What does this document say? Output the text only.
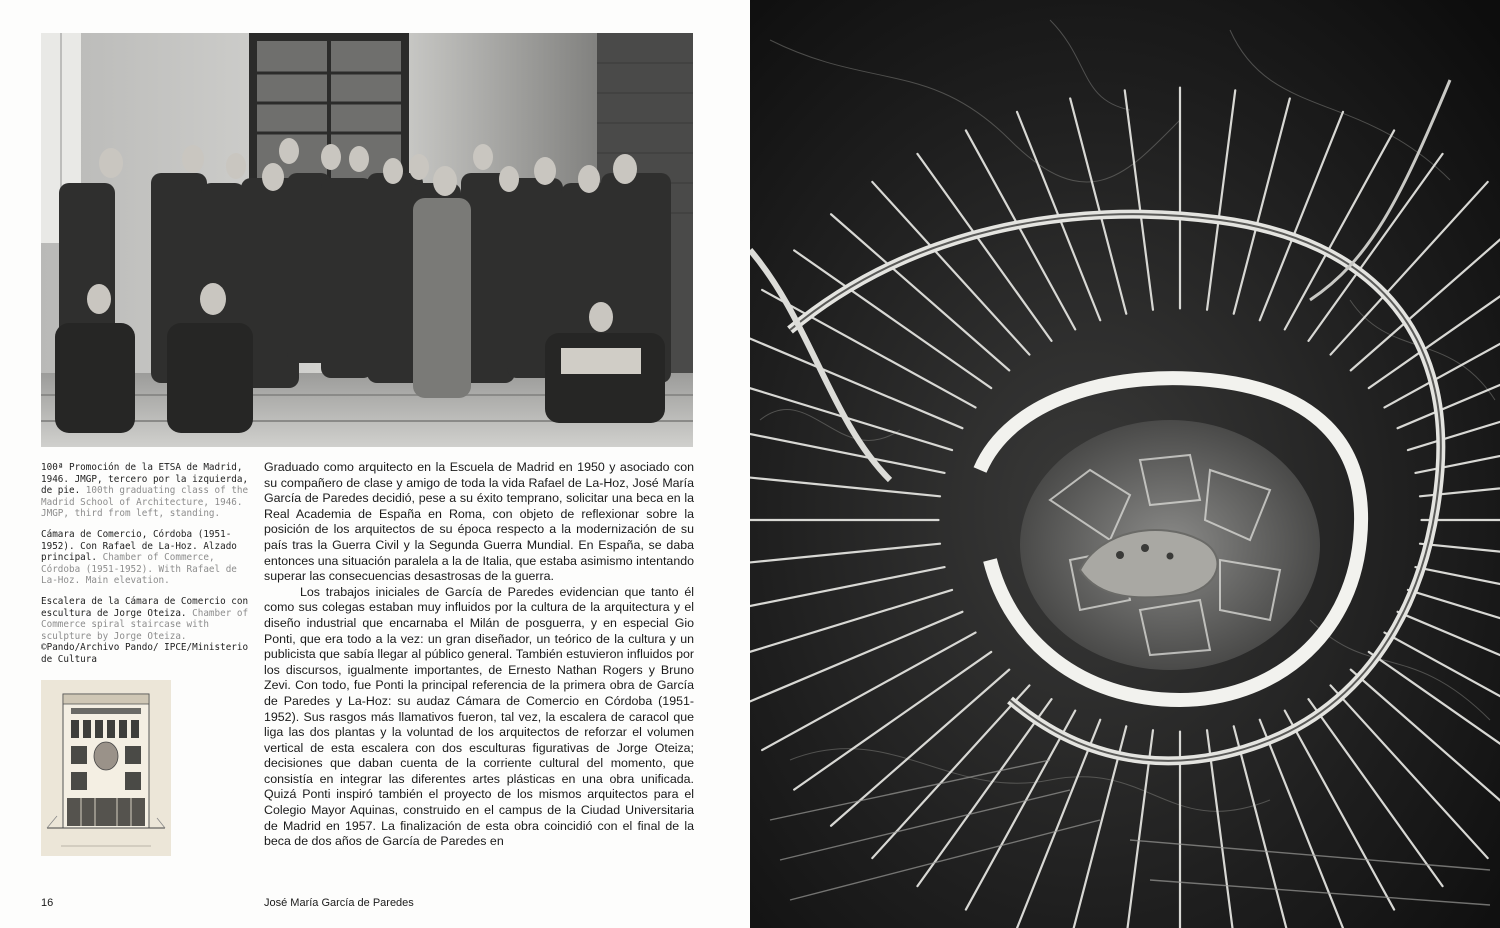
100ª Promoción de la ETSA de Madrid, 1946. JMGP, tercero por la izquierda, de pie. 100th graduating class of the Madrid School of Architecture, 1946. JMGP, third from left, standing.

Cámara de Comercio, Córdoba (1951-1952). Con Rafael de La-Hoz. Alzado principal. Chamber of Commerce, Córdoba (1951-1952). With Rafael de La-Hoz. Main elevation.

Escalera de la Cámara de Comercio con escultura de Jorge Oteiza. Chamber of Commerce spiral staircase with sculpture by Jorge Oteiza. ©Pando/Archivo Pando/ IPCE/Ministerio de Cultura

Graduado como arquitecto en la Escuela de Madrid en 1950 y asociado con su compañero de clase y amigo de toda la vida Rafael de La-Hoz, José María García de Paredes decidió, pese a su éxito temprano, solicitar una beca en la Real Academia de España en Roma, con objeto de reflexionar sobre la posición de los arquitectos de su época respecto a la modernización de su país tras la Guerra Civil y la Segunda Guerra Mundial. En España, se daba entonces una situación paralela a la de Italia, que estaba asimismo intentando superar las consecuencias desastrosas de la guerra.

Los trabajos iniciales de García de Paredes evidencian que tanto él como sus colegas estaban muy influidos por la cultura de la arquitectura y el diseño industrial que encarnaba el Milán de posguerra, y en especial Gio Ponti, que era todo a la vez: un gran diseñador, un teórico de la cultura y un publicista que sabía llegar al público general. También estuvieron influidos por los discursos, igualmente importantes, de Ernesto Nathan Rogers y Bruno Zevi. Con todo, fue Ponti la principal referencia de la primera obra de García de Paredes y La-Hoz: su audaz Cámara de Comercio en Córdoba (1951-1952). Sus rasgos más llamativos fueron, tal vez, la escalera de caracol que liga las dos plantas y la voluntad de los arquitectos de reforzar el volumen vertical de esta escalera con dos esculturas figurativas de Jorge Oteiza; decisiones que daban cuenta de la corriente cultural del momento, que consistía en integrar las diferentes artes plásticas en una obra unificada. Quizá Ponti inspiró también el proyecto de los mismos arquitectos para el Colegio Mayor Aquinas, construido en el campus de la Ciudad Universitaria de Madrid en 1957. La finalización de esta obra coincidió con el final de la beca de dos años de García de Paredes en

16	José María García de Paredes
